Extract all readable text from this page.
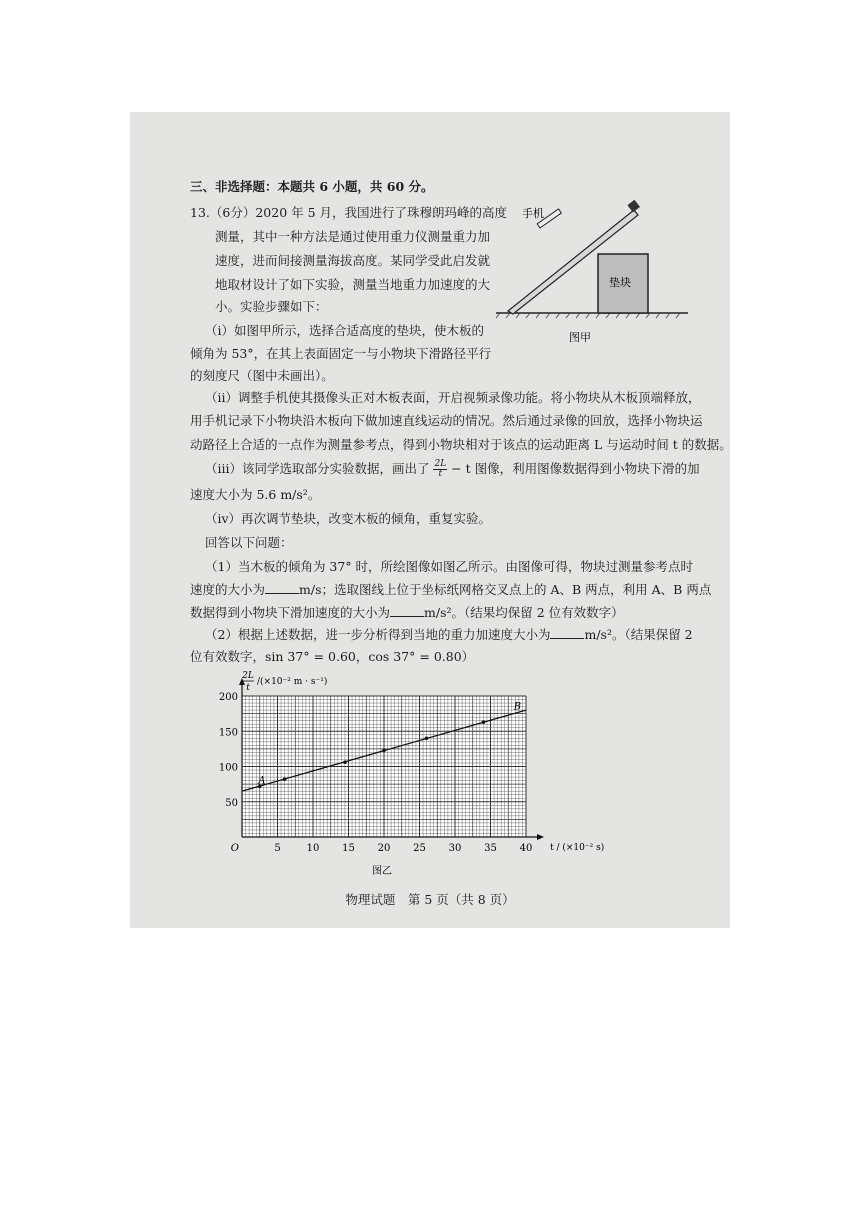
三、非选择题：本题共 6 小题，共 60 分。
13.（6分）2020 年 5 月，我国进行了珠穆朗玛峰的高度
测量，其中一种方法是通过使用重力仪测量重力加
速度，进而间接测量海拔高度。某同学受此启发就
地取材设计了如下实验，测量当地重力加速度的大
小。实验步骤如下：
（i）如图甲所示，选择合适高度的垫块，使木板的
倾角为 53°，在其上表面固定一与小物块下滑路径平行
的刻度尺（图中未画出）。
手机
垫块
图甲
（ii）调整手机使其摄像头正对木板表面，开启视频录像功能。将小物块从木板顶端释放，
用手机记录下小物块沿木板向下做加速直线运动的情况。然后通过录像的回放，选择小物块运
动路径上合适的一点作为测量参考点，得到小物块相对于该点的运动距离 L 与运动时间 t 的数据。
（iii）该同学选取部分实验数据，画出了 $\frac{2L}{t} - t$ 图像，利用图像数据得到小物块下滑的加
速度大小为 5.6 m/s²。
（iv）再次调节垫块，改变木板的倾角，重复实验。
回答以下问题：
（1）当木板的倾角为 37° 时，所绘图像如图乙所示。由图像可得，物块过测量参考点时
速度的大小为	m/s；选取图线上位于坐标纸网格交叉点上的 A、B 两点，利用 A、B 两点
数据得到小物块下滑加速度的大小为	m/s²。（结果均保留 2 位有效数字）
（2）根据上述数据，进一步分析得到当地的重力加速度大小为	m/s²。（结果保留 2
位有效数字，sin 37° = 0.60，cos 37° = 0.80）
5	10 15 20 25 30 35 40
50
100
150
200
O
2L
t
/(×10⁻² m · s⁻¹)
t / (×10⁻² s)
A
B
图乙
物理试题　第 5 页（共 8 页）
